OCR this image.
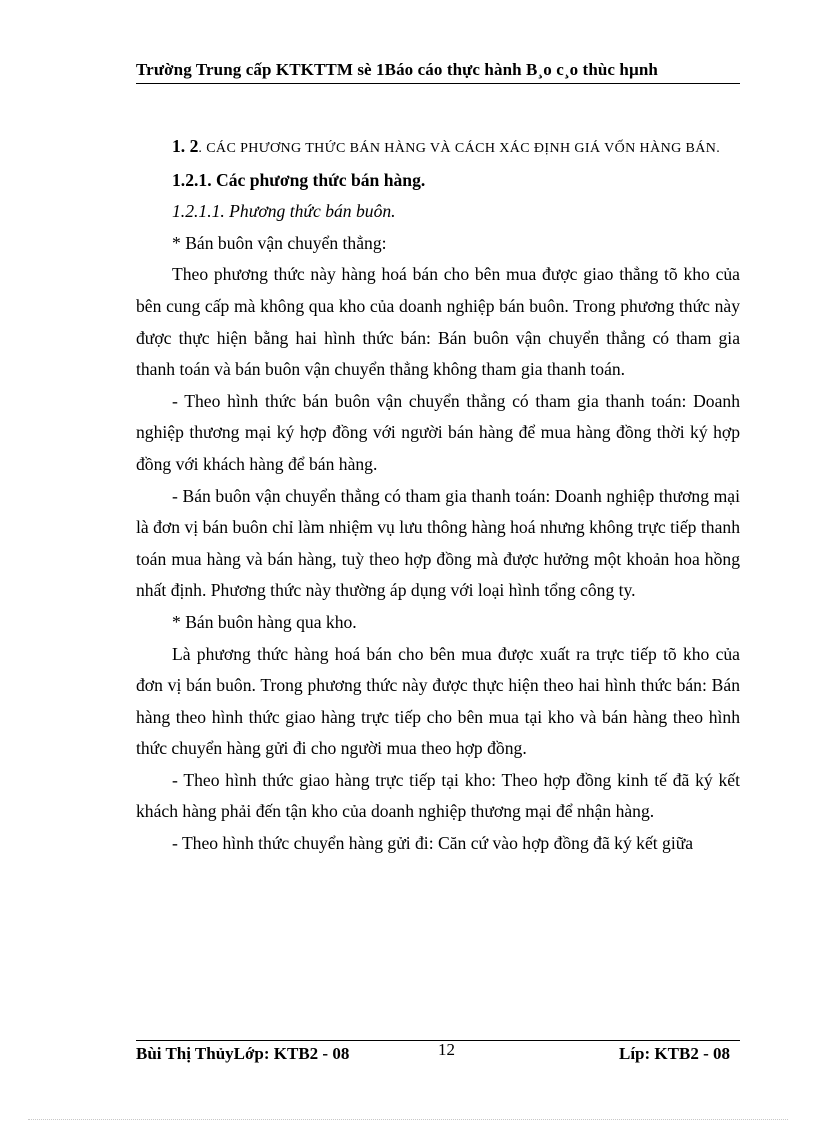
Trường Trung cấp KTKTTM sè 1Báo cáo thực hành B¸o c¸o thùc hµnh

1. 2. CÁC PHƯƠNG THỨC BÁN HÀNG VÀ CÁCH XÁC ĐỊNH GIÁ VỐN HÀNG BÁN.

1.2.1. Các phương thức bán hàng.

1.2.1.1. Phương thức bán buôn.

* Bán buôn vận chuyển thẳng:

Theo phương thức này hàng hoá bán cho bên mua được giao thẳng tõ kho của bên cung cấp mà không qua kho của doanh nghiệp bán buôn. Trong phương thức này được thực hiện bằng hai hình thức bán: Bán buôn vận chuyển thẳng có tham gia thanh toán và bán buôn vận chuyển thẳng không tham gia thanh toán.

- Theo hình thức bán buôn vận chuyển thẳng có tham gia thanh toán: Doanh nghiệp thương mại ký hợp đồng với người bán hàng để mua hàng đồng thời ký hợp đồng với khách hàng để bán hàng.

- Bán buôn vận chuyển thẳng có tham gia thanh toán: Doanh nghiệp thương mại là đơn vị bán buôn chỉ làm nhiệm vụ lưu thông hàng hoá nhưng không trực tiếp thanh toán mua hàng và bán hàng, tuỳ theo hợp đồng mà được hưởng một khoản hoa hồng nhất định. Phương thức này thường áp dụng với loại hình tổng công ty.

* Bán buôn hàng qua kho.

Là phương thức hàng hoá bán cho bên mua được xuất ra trực tiếp tõ kho của đơn vị bán buôn. Trong phương thức này được thực hiện theo hai hình thức bán: Bán hàng theo hình thức giao hàng trực tiếp cho bên mua tại kho và bán hàng theo hình thức chuyển hàng gửi đi cho người mua theo hợp đồng.

- Theo hình thức giao hàng trực tiếp tại kho: Theo hợp đồng kinh tế đã ký kết khách hàng phải đến tận kho của doanh nghiệp thương mại để nhận hàng.

- Theo hình thức chuyển hàng gửi đi: Căn cứ vào hợp đồng đã ký kết giữa

Bùi Thị ThủyLớp: KTB2 - 08	12	Líp: KTB2 - 08
